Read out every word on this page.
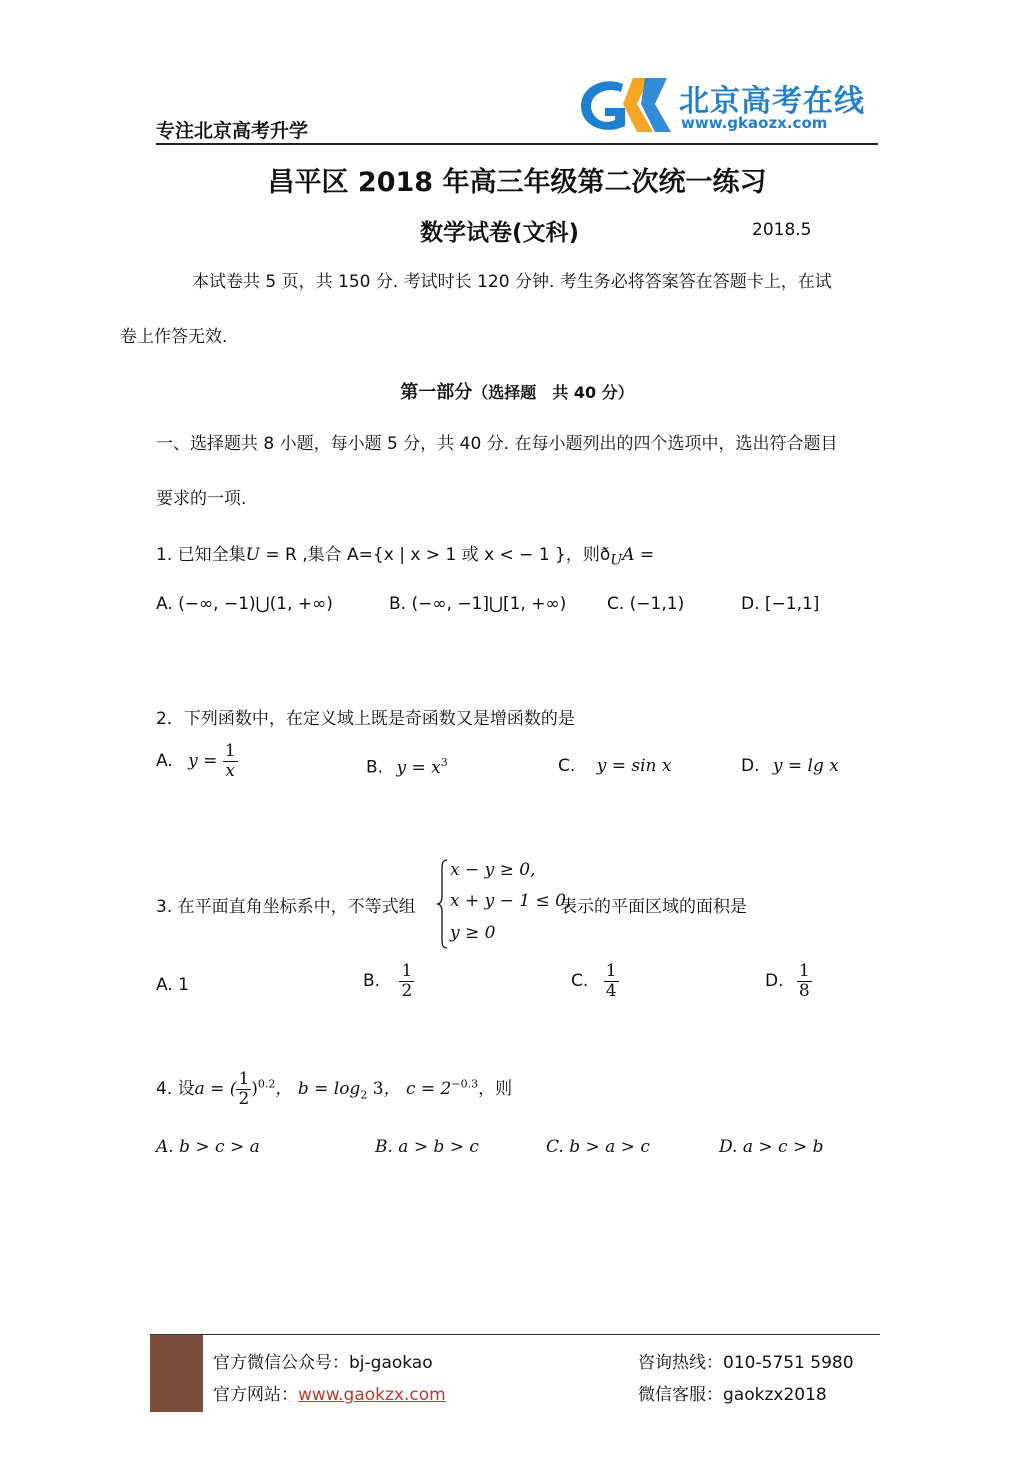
专注北京高考升学
北京高考在线
www.gkaozx.com
昌平区 2018 年高三年级第二次统一练习
数学试卷(文科)	2018.5
本试卷共 5 页，共 150 分. 考试时长 120 分钟. 考生务必将答案答在答题卡上，在试
卷上作答无效.
第一部分（选择题　共 40 分）
一、选择题共 8 小题，每小题 5 分，共 40 分. 在每小题列出的四个选项中，选出符合题目
要求的一项.
1. 已知全集U = R ,集合 A={x | x > 1 或 x < − 1 }，则$ð_UA$ =
A. (−∞, −1)⋃(1, +∞)	B. (−∞, −1]⋃[1, +∞) C. (−1,1)	D. [−1,1]
2．下列函数中，在定义域上既是奇函数又是增函数的是
A. $y = \frac{1}{x}$	B. $y = x^3$	C. y = sin x	D. y = lg x
3. 在平面直角坐标系中，不等式组
x − y ≥ 0,
x + y − 1 ≤ 0,
y ≥ 0
表示的平面区域的面积是
A. 1	B. $\frac{1}{2}$	C. $\frac{1}{4}$	D. $\frac{1}{8}$
4. 设a = ( $\frac{1}{2} )^{0.2}$， $b = \log_2 3$， $c = 2^{-0.3}$，则
A. b > c > a	B. a > b > c	C. b > a > c	D. a > c > b
官方微信公众号：bj-gaokao
官方网站：www.gaokzx.com
咨询热线：010-5751 5980
微信客服：gaokzx2018
